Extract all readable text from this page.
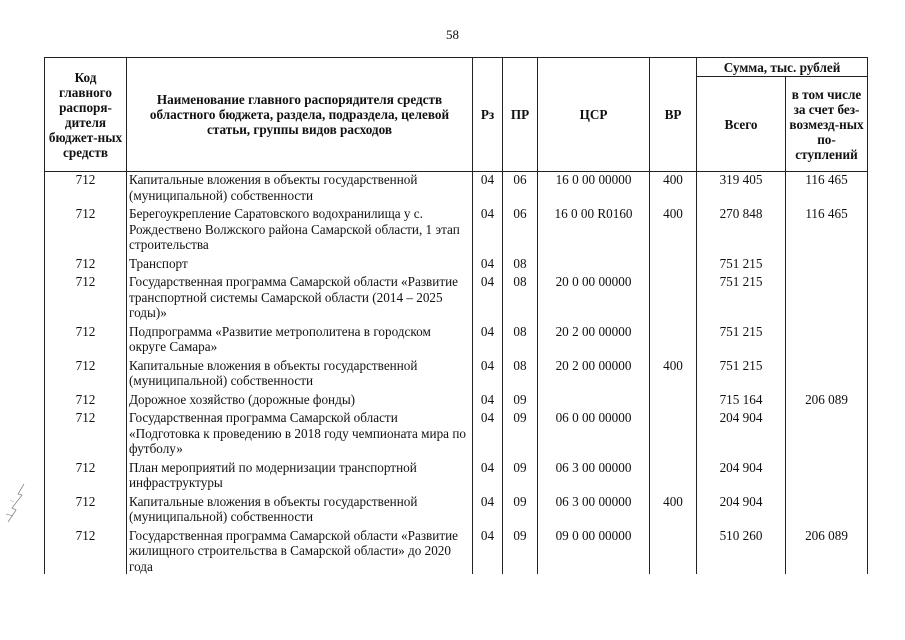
58
Код главного распоря-дителя бюджет-ных средств	Наименование главного распорядителя средств областного бюджета, раздела, подраздела, целевой статьи, группы видов расходов	Рз	ПР	ЦСР	ВР	Сумма, тыс. рублей	
						Всего	в том числе за счет без-возмезд-ных по-ступлений
712	Капитальные вложения в объекты государственной (муниципальной) собственности	04	06	16 0 00 00000	400	319 405	116 465

712	Берегоукрепление Саратовского водохранилища у с. Рождествено Волжского района Самарской области, 1 этап строительства	04	06	16 0 00 R0160	400	270 848	116 465

712	Транспорт	04	08			751 215	

712	Государственная программа Самарской области «Развитие транспортной системы Самарской области (2014 – 2025 годы)»	04	08	20 0 00 00000		751 215	

712	Подпрограмма «Развитие метрополитена в городском округе Самара»	04	08	20 2 00 00000		751 215	

712	Капитальные вложения в объекты государственной (муниципальной) собственности	04	08	20 2 00 00000	400	751 215	

712	Дорожное хозяйство (дорожные фонды)	04	09			715 164	206 089

712	Государственная программа Самарской области «Подготовка к проведению в 2018 году чемпионата мира по футболу»	04	09	06 0 00 00000		204 904	

712	План мероприятий по модернизации транспортной инфраструктуры	04	09	06 3 00 00000		204 904	

712	Капитальные вложения в объекты государственной (муниципальной) собственности	04	09	06 3 00 00000	400	204 904	

712	Государственная программа Самарской области «Развитие жилищного строительства в Самарской области» до 2020 года	04	09	09 0 00 00000		510 260	206 089
